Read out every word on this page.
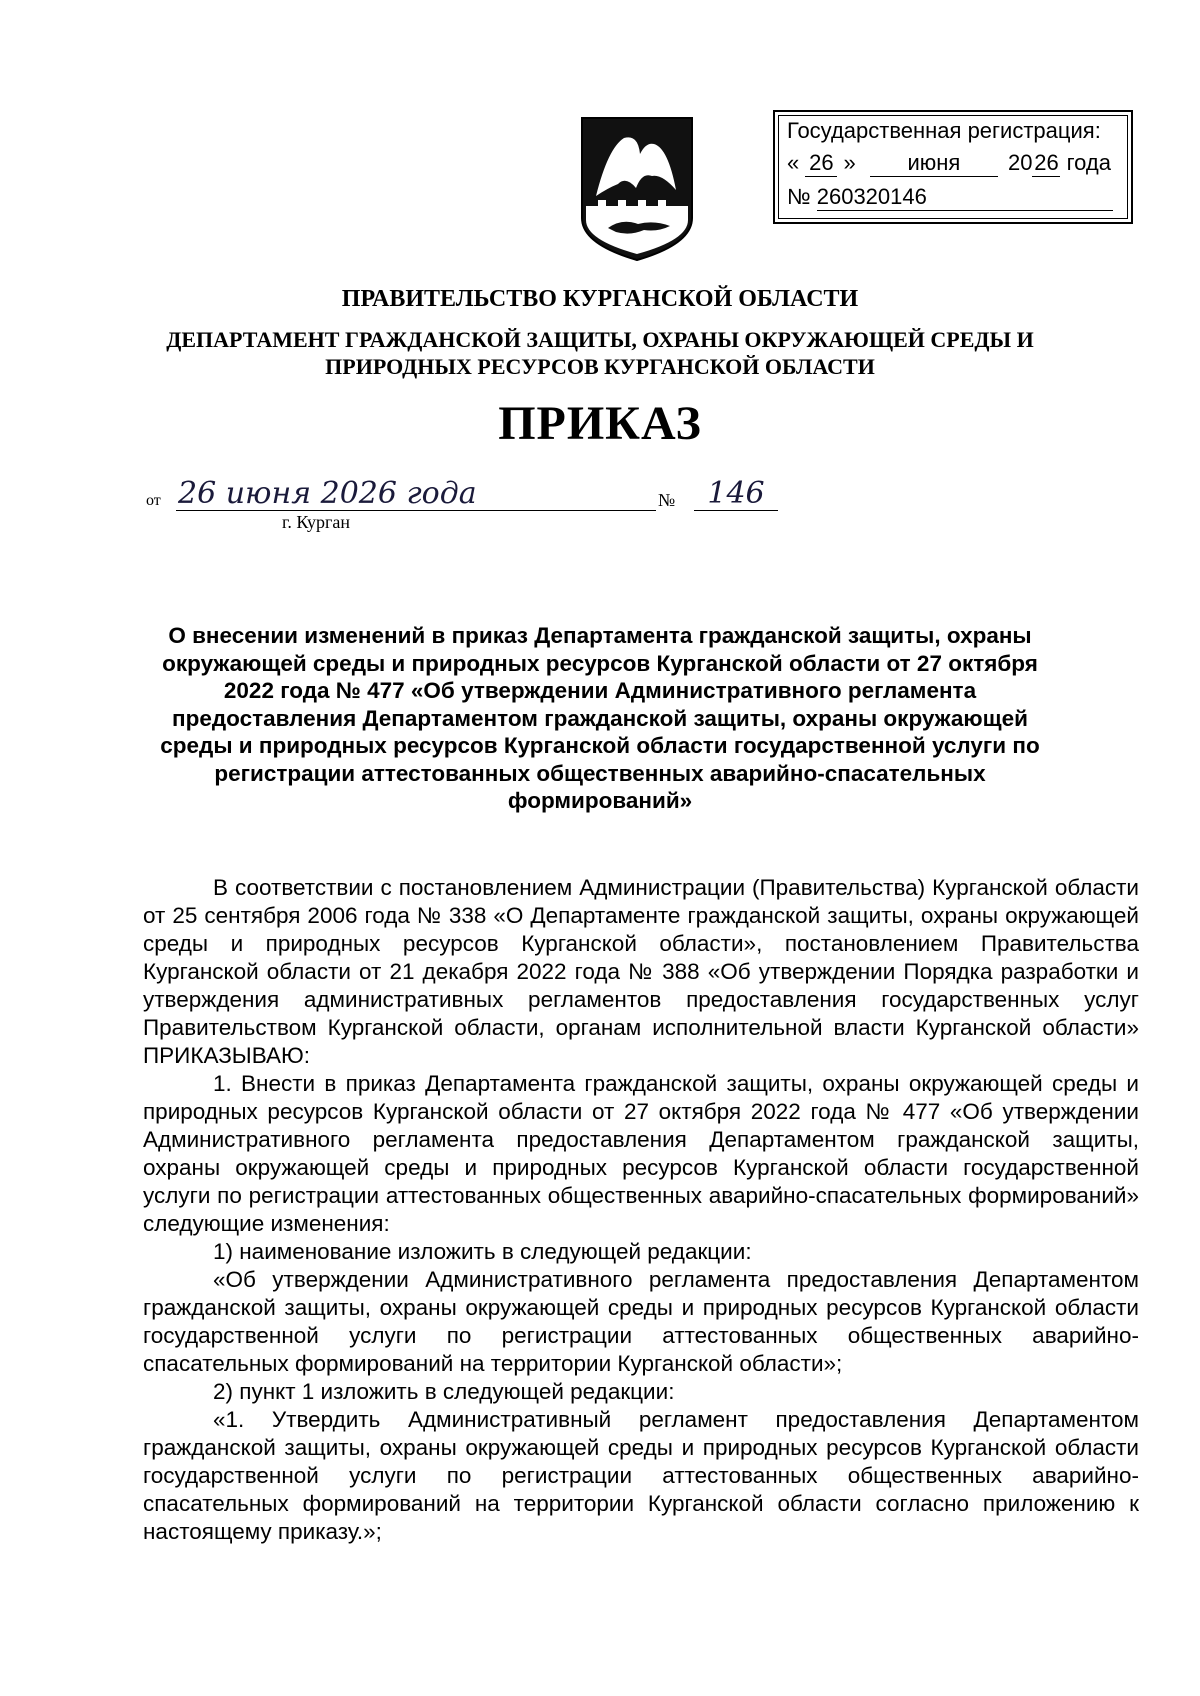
Государственная регистрация:
« 26 » июня 2026 года
№ 260320146
ПРАВИТЕЛЬСТВО КУРГАНСКОЙ ОБЛАСТИ
ДЕПАРТАМЕНТ ГРАЖДАНСКОЙ ЗАЩИТЫ, ОХРАНЫ ОКРУЖАЮЩЕЙ СРЕДЫ И
ПРИРОДНЫХ РЕСУРСОВ КУРГАНСКОЙ ОБЛАСТИ
ПРИКАЗ
от 26 июня 2026 года	№	146
г. Курган
О внесении изменений в приказ Департамента гражданской защиты, охраны
окружающей среды и природных ресурсов Курганской области от 27 октября
2022 года № 477 «Об утверждении Административного регламента
предоставления Департаментом гражданской защиты, охраны окружающей
среды и природных ресурсов Курганской области государственной услуги по
регистрации аттестованных общественных аварийно-спасательных
формирований»

В соответствии с постановлением Администрации (Правительства) Курганской области от 25 сентября 2006 года № 338 «О Департаменте гражданской защиты, охраны окружающей среды и природных ресурсов Курганской области», постановлением Правительства Курганской области от 21 декабря 2022 года № 388 «Об утверждении Порядка разработки и утверждения административных регламентов предоставления государственных услуг Правительством Курганской области, органам исполнительной власти Курганской области» ПРИКАЗЫВАЮ:

1. Внести в приказ Департамента гражданской защиты, охраны окружающей среды и природных ресурсов Курганской области от 27 октября 2022 года № 477 «Об утверждении Административного регламента предоставления Департаментом гражданской защиты, охраны окружающей среды и природных ресурсов Курганской области государственной услуги по регистрации аттестованных общественных аварийно-спасательных формирований» следующие изменения:

1) наименование изложить в следующей редакции:

«Об утверждении Административного регламента предоставления Департаментом гражданской защиты, охраны окружающей среды и природных ресурсов Курганской области государственной услуги по регистрации аттестованных общественных аварийно-спасательных формирований на территории Курганской области»;

2) пункт 1 изложить в следующей редакции:

«1. Утвердить Административный регламент предоставления Департаментом гражданской защиты, охраны окружающей среды и природных ресурсов Курганской области государственной услуги по регистрации аттестованных общественных аварийно-спасательных формирований на территории Курганской области согласно приложению к настоящему приказу.»;
